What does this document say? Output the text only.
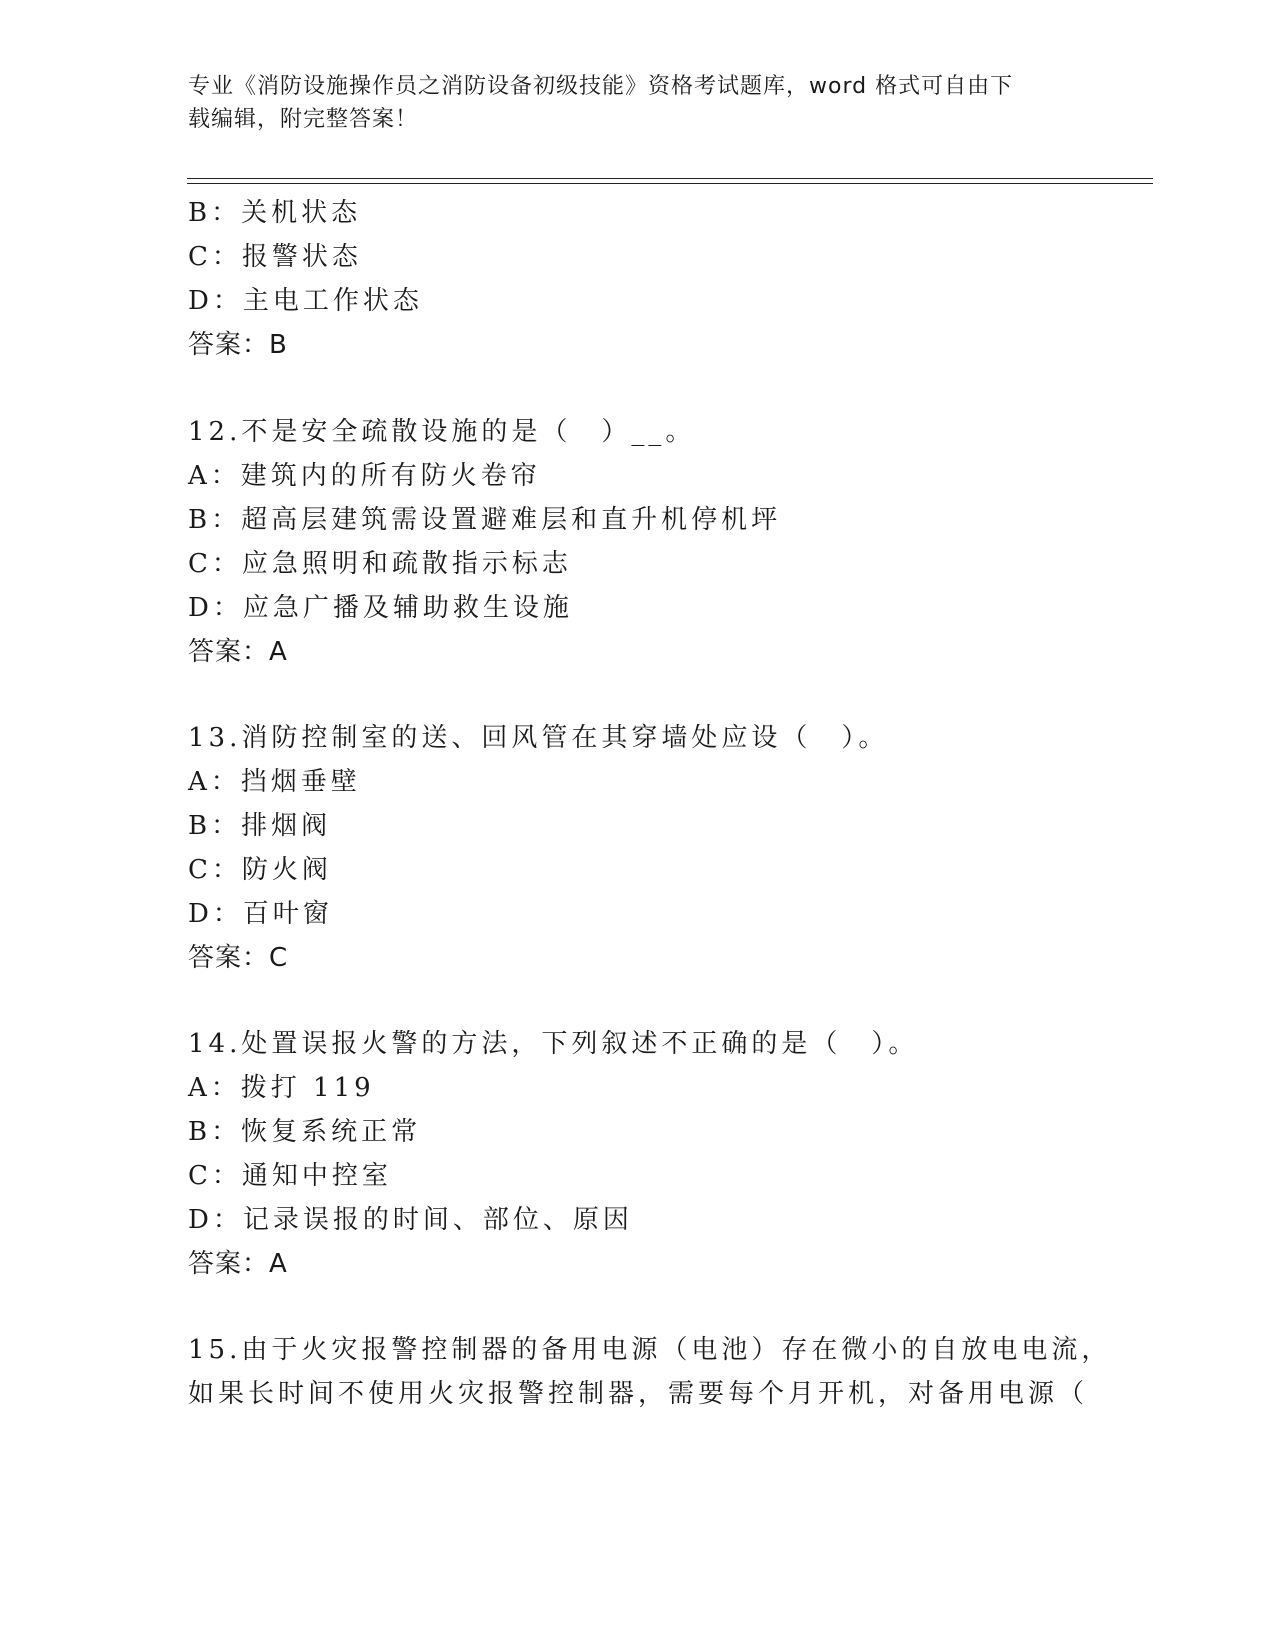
专业《消防设施操作员之消防设备初级技能》资格考试题库，word 格式可自由下
载编辑，附完整答案！
B：关机状态
C：报警状态
D：主电工作状态
答案：B
12.不是安全疏散设施的是（　）__。
A：建筑内的所有防火卷帘
B：超高层建筑需设置避难层和直升机停机坪
C：应急照明和疏散指示标志
D：应急广播及辅助救生设施
答案：A
13.消防控制室的送、回风管在其穿墙处应设（　）。
A：挡烟垂壁
B：排烟阀
C：防火阀
D：百叶窗
答案：C
14.处置误报火警的方法，下列叙述不正确的是（　）。
A：拨打 119
B：恢复系统正常
C：通知中控室
D：记录误报的时间、部位、原因
答案：A
15.由于火灾报警控制器的备用电源（电池）存在微小的自放电电流，
如果长时间不使用火灾报警控制器，需要每个月开机，对备用电源（
